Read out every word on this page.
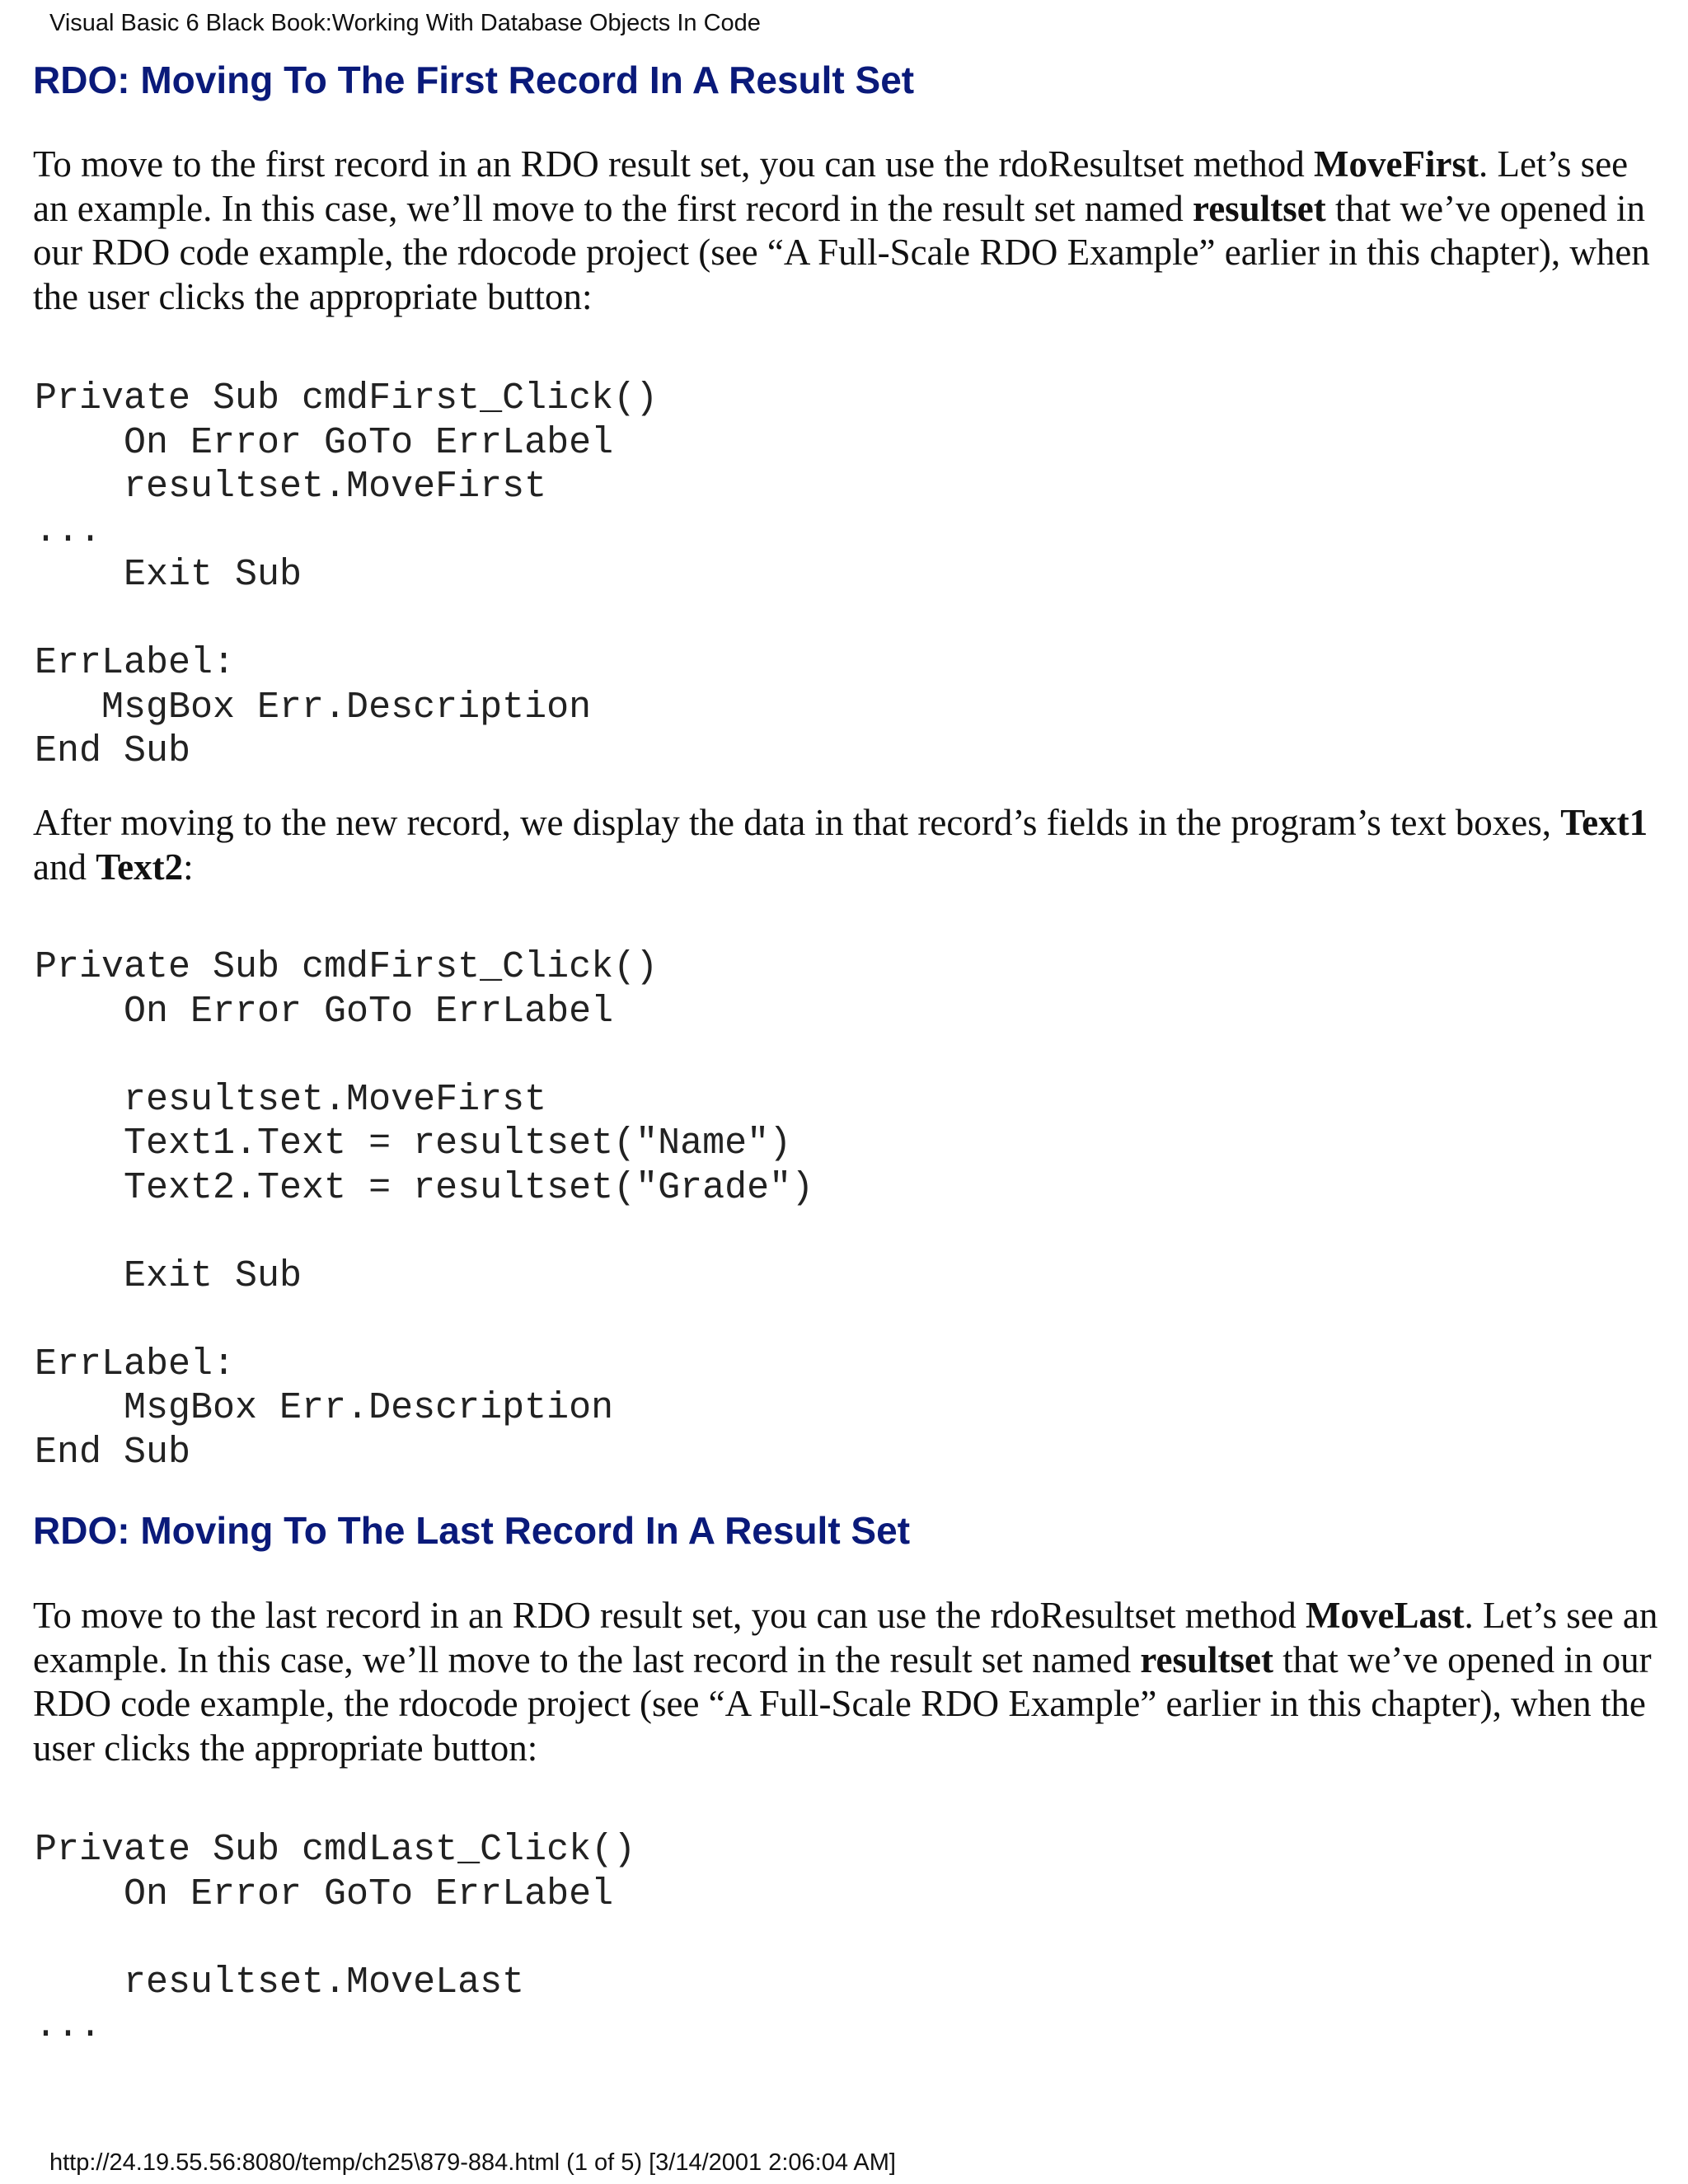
Visual Basic 6 Black Book:Working With Database Objects In Code
RDO: Moving To The First Record In A Result Set

To move to the first record in an RDO result set, you can use the rdoResultset method MoveFirst. Let’s see an example. In this case, we’ll move to the first record in the result set named resultset that we’ve opened in our RDO code example, the rdocode project (see “A Full-Scale RDO Example” earlier in this chapter), when the user clicks the appropriate button:

Private Sub cmdFirst_Click()
On Error GoTo ErrLabel
resultset.MoveFirst
...
Exit Sub

ErrLabel:
MsgBox Err.Description
End Sub

After moving to the new record, we display the data in that record’s fields in the program’s text boxes, Text1 and Text2:

Private Sub cmdFirst_Click()
On Error GoTo ErrLabel

resultset.MoveFirst
Text1.Text = resultset("Name")
Text2.Text = resultset("Grade")

Exit Sub

ErrLabel:
MsgBox Err.Description
End Sub
RDO: Moving To The Last Record In A Result Set

To move to the last record in an RDO result set, you can use the rdoResultset method MoveLast. Let’s see an example. In this case, we’ll move to the last record in the result set named resultset that we’ve opened in our RDO code example, the rdocode project (see “A Full-Scale RDO Example” earlier in this chapter), when the user clicks the appropriate button:

Private Sub cmdLast_Click()
On Error GoTo ErrLabel

resultset.MoveLast
...
http://24.19.55.56:8080/temp/ch25\879-884.html (1 of 5) [3/14/2001 2:06:04 AM]
